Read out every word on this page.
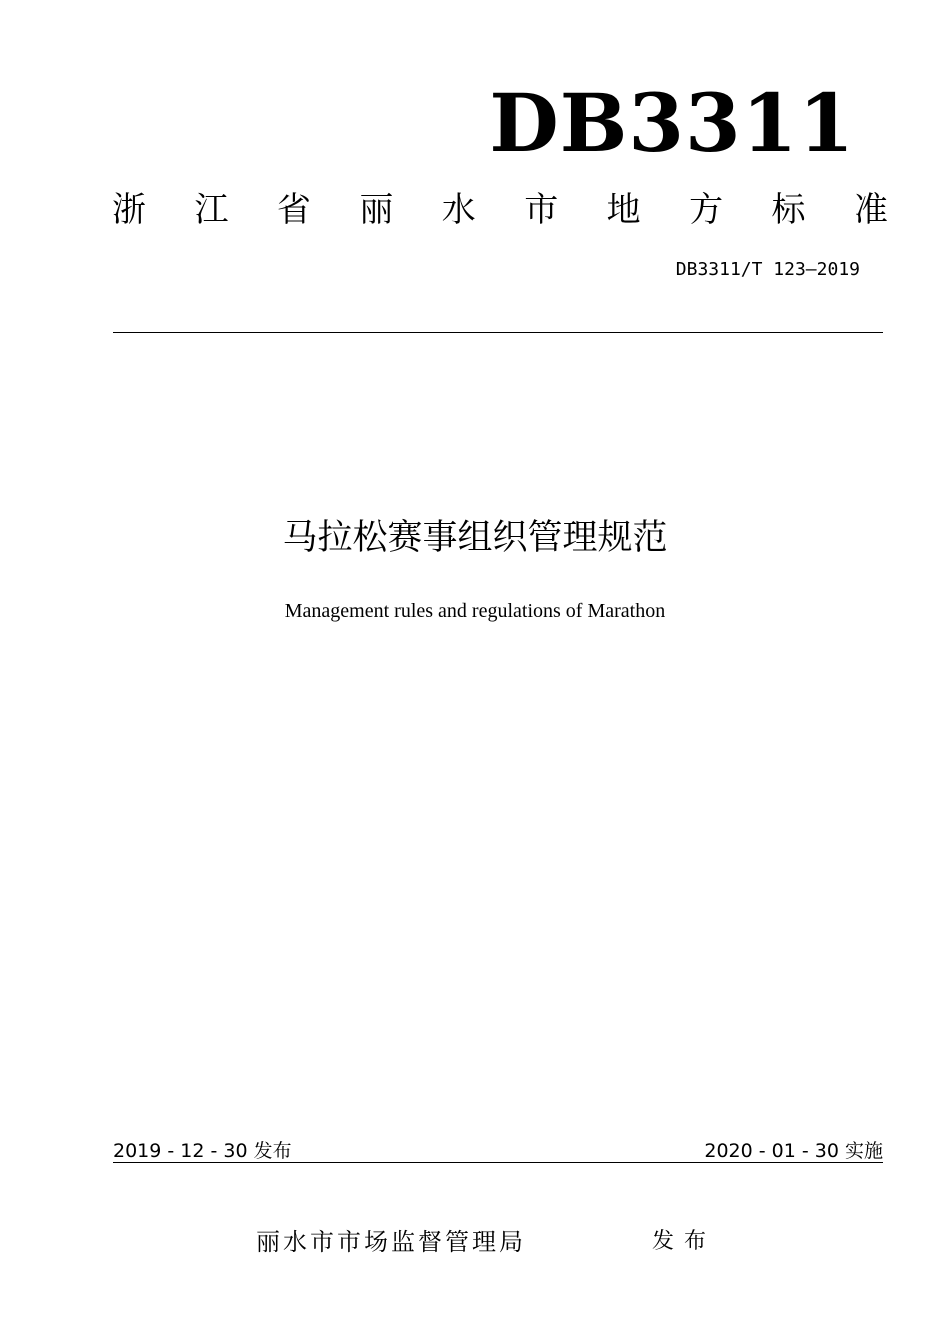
DB3311
浙 江 省 丽 水 市 地 方 标 准
DB3311/T 123—2019
马拉松赛事组织管理规范
Management rules and regulations of Marathon
2019 - 12 - 30 发布	2020 - 01 - 30 实施
丽水市市场监督管理局	发布
